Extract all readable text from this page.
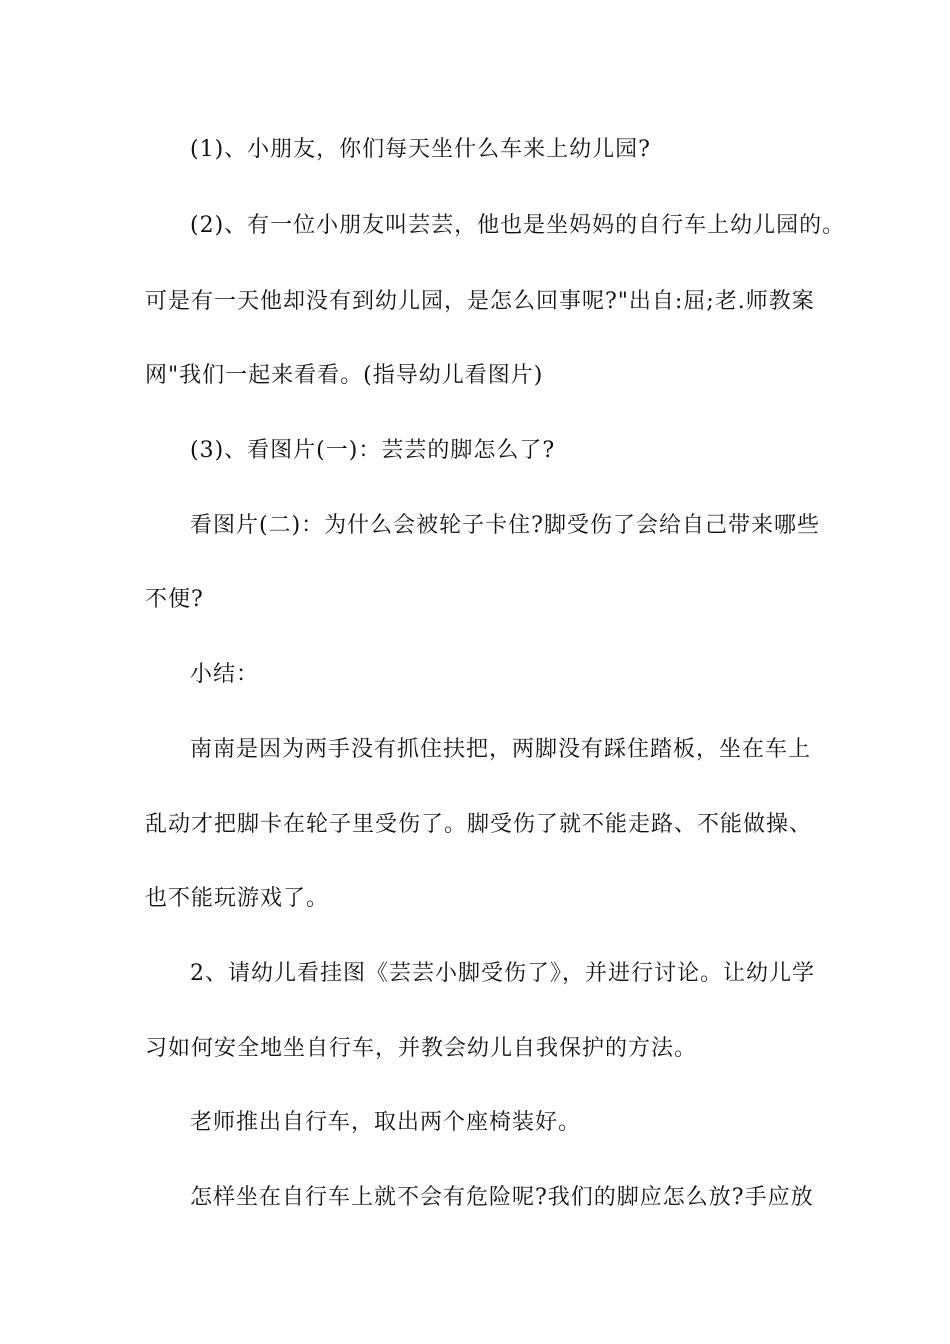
(1)、小朋友，你们每天坐什么车来上幼儿园?
(2)、有一位小朋友叫芸芸，他也是坐妈妈的自行车上幼儿园的。
可是有一天他却没有到幼儿园，是怎么回事呢?"出自:屈;老.师教案
网"我们一起来看看。(指导幼儿看图片)
(3)、看图片(一)：芸芸的脚怎么了?
看图片(二)：为什么会被轮子卡住?脚受伤了会给自己带来哪些
不便?
小结：
南南是因为两手没有抓住扶把，两脚没有踩住踏板，坐在车上
乱动才把脚卡在轮子里受伤了。脚受伤了就不能走路、不能做操、
也不能玩游戏了。
2、请幼儿看挂图《芸芸小脚受伤了》，并进行讨论。让幼儿学
习如何安全地坐自行车，并教会幼儿自我保护的方法。
老师推出自行车，取出两个座椅装好。
怎样坐在自行车上就不会有危险呢?我们的脚应怎么放?手应放
